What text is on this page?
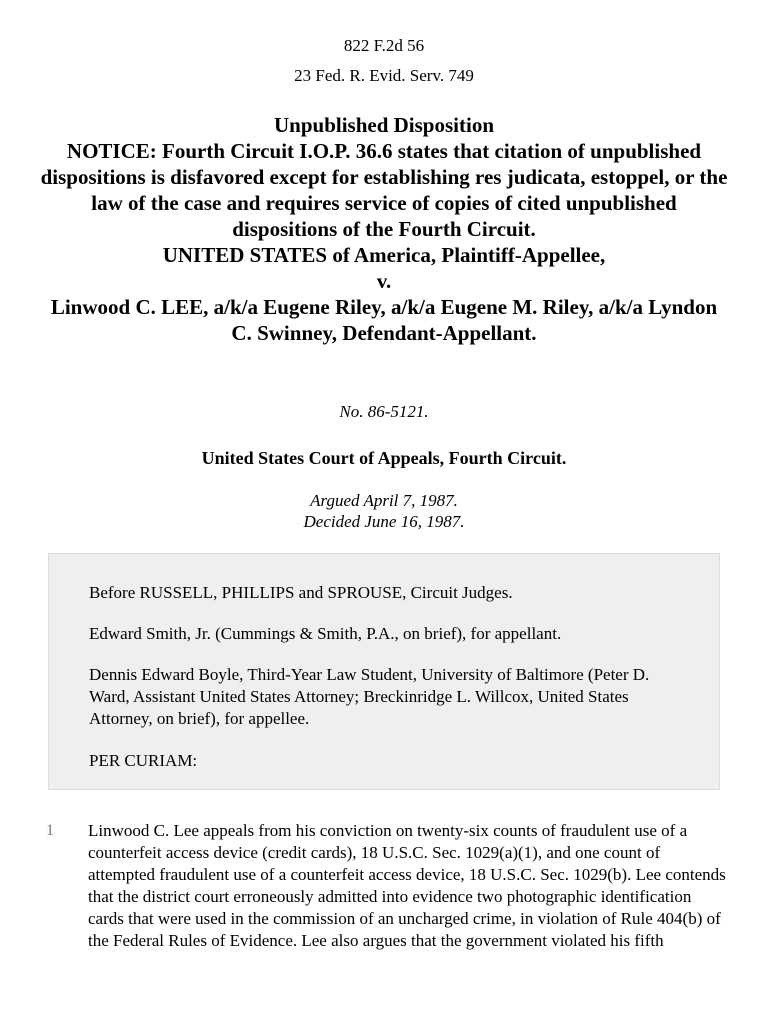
822 F.2d 56
23 Fed. R. Evid. Serv. 749
Unpublished Disposition
NOTICE: Fourth Circuit I.O.P. 36.6 states that citation of unpublished dispositions is disfavored except for establishing res judicata, estoppel, or the law of the case and requires service of copies of cited unpublished dispositions of the Fourth Circuit.
UNITED STATES of America, Plaintiff-Appellee,
v.
Linwood C. LEE, a/k/a Eugene Riley, a/k/a Eugene M. Riley, a/k/a Lyndon C. Swinney, Defendant-Appellant.
No. 86-5121.
United States Court of Appeals, Fourth Circuit.
Argued April 7, 1987.
Decided June 16, 1987.

Before RUSSELL, PHILLIPS and SPROUSE, Circuit Judges.

Edward Smith, Jr. (Cummings & Smith, P.A., on brief), for appellant.

Dennis Edward Boyle, Third-Year Law Student, University of Baltimore (Peter D. Ward, Assistant United States Attorney; Breckinridge L. Willcox, United States Attorney, on brief), for appellee.

PER CURIAM:

1 Linwood C. Lee appeals from his conviction on twenty-six counts of fraudulent use of a counterfeit access device (credit cards), 18 U.S.C. Sec. 1029(a)(1), and one count of attempted fraudulent use of a counterfeit access device, 18 U.S.C. Sec. 1029(b). Lee contends that the district court erroneously admitted into evidence two photographic identification cards that were used in the commission of an uncharged crime, in violation of Rule 404(b) of the Federal Rules of Evidence. Lee also argues that the government violated his fifth
